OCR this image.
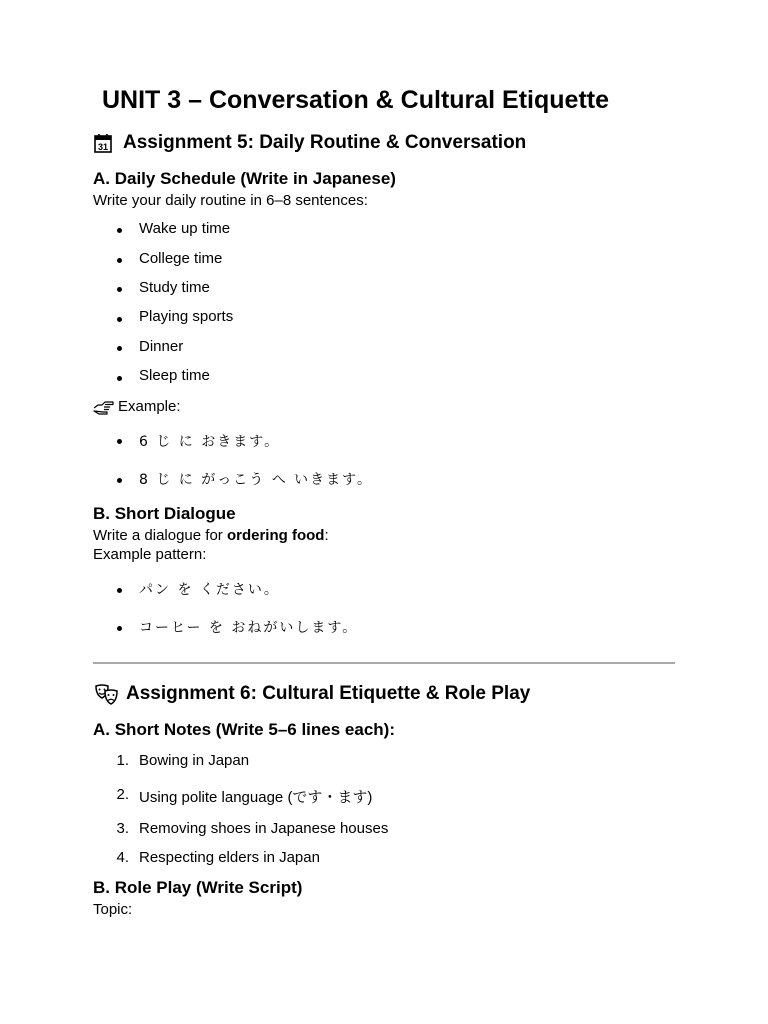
UNIT 3 – Conversation & Cultural Etiquette
31 Assignment 5: Daily Routine & Conversation
A. Daily Schedule (Write in Japanese)
Write your daily routine in 6–8 sentences:
Wake up time
College time
Study time
Playing sports
Dinner
Sleep time
Example:
6 じ に おきます。
8 じ に がっこう へ いきます。
B. Short Dialogue
Write a dialogue for ordering food:
Example pattern:
パン を ください。
コーヒー を おねがいします。
Assignment 6: Cultural Etiquette & Role Play
A. Short Notes (Write 5–6 lines each):
1. Bowing in Japan
2. Using polite language (です・ます)
3. Removing shoes in Japanese houses
4. Respecting elders in Japan
B. Role Play (Write Script)
Topic:
